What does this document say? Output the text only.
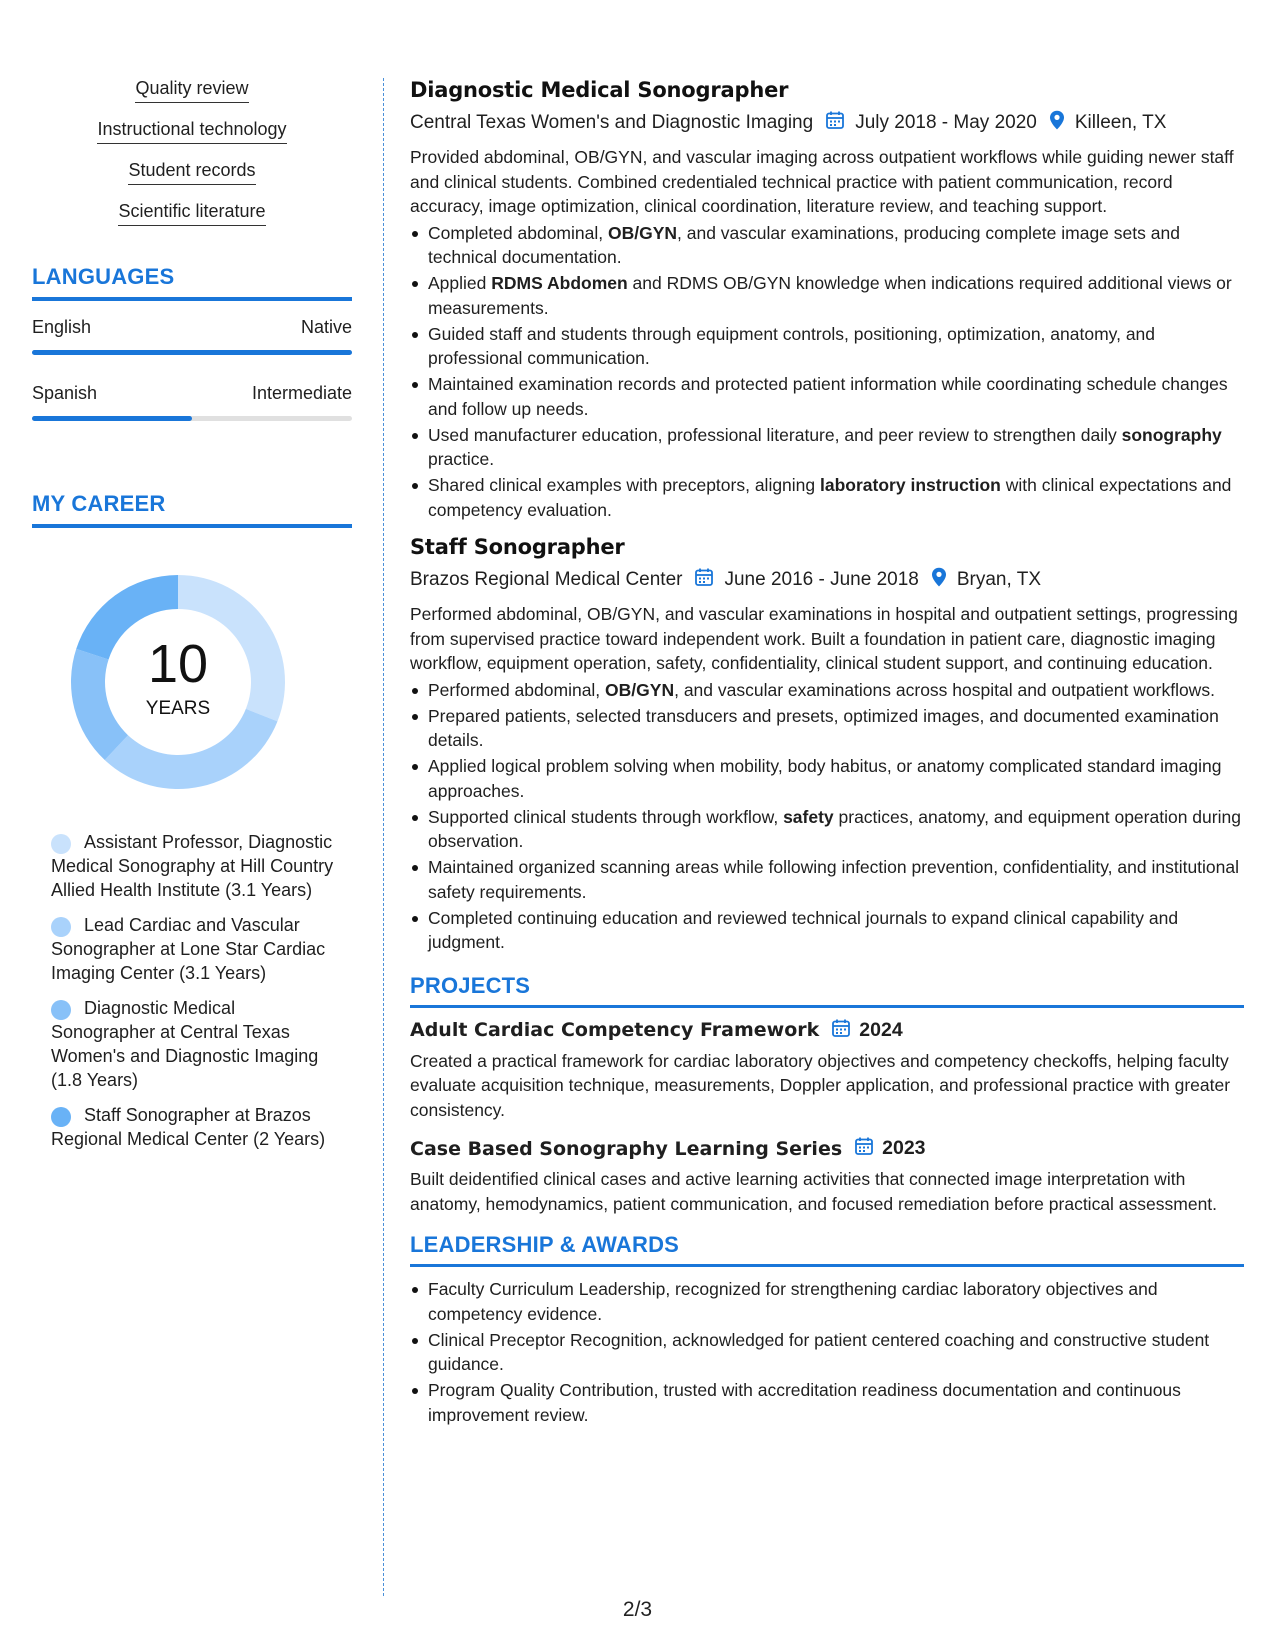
Quality review
Instructional technology
Student records
Scientific literature
LANGUAGES
English	Native
Spanish	Intermediate
MY CAREER
10
YEARS
Assistant Professor, Diagnostic Medical Sonography at Hill Country Allied Health Institute (3.1 Years)
Lead Cardiac and Vascular Sonographer at Lone Star Cardiac Imaging Center (3.1 Years)
Diagnostic Medical Sonographer at Central Texas Women's and Diagnostic Imaging (1.8 Years)
Staff Sonographer at Brazos Regional Medical Center (2 Years)
Diagnostic Medical Sonographer
Central Texas Women's and Diagnostic Imaging July 2018 - May 2020 Killeen, TX

Provided abdominal, OB/GYN, and vascular imaging across outpatient workflows while guiding newer staff and clinical students. Combined credentialed technical practice with patient communication, record accuracy, image optimization, clinical coordination, literature review, and teaching support.

Completed abdominal, OB/GYN, and vascular examinations, producing complete image sets and technical documentation.
Applied RDMS Abdomen and RDMS OB/GYN knowledge when indications required additional views or measurements.
Guided staff and students through equipment controls, positioning, optimization, anatomy, and professional communication.
Maintained examination records and protected patient information while coordinating schedule changes and follow up needs.
Used manufacturer education, professional literature, and peer review to strengthen daily sonography practice.
Shared clinical examples with preceptors, aligning laboratory instruction with clinical expectations and competency evaluation.
Staff Sonographer
Brazos Regional Medical Center June 2016 - June 2018 Bryan, TX

Performed abdominal, OB/GYN, and vascular examinations in hospital and outpatient settings, progressing from supervised practice toward independent work. Built a foundation in patient care, diagnostic imaging workflow, equipment operation, safety, confidentiality, clinical student support, and continuing education.

Performed abdominal, OB/GYN, and vascular examinations across hospital and outpatient workflows.
Prepared patients, selected transducers and presets, optimized images, and documented examination details.
Applied logical problem solving when mobility, body habitus, or anatomy complicated standard imaging approaches.
Supported clinical students through workflow, safety practices, anatomy, and equipment operation during observation.
Maintained organized scanning areas while following infection prevention, confidentiality, and institutional safety requirements.
Completed continuing education and reviewed technical journals to expand clinical capability and judgment.
PROJECTS
Adult Cardiac Competency Framework 2024

Created a practical framework for cardiac laboratory objectives and competency checkoffs, helping faculty evaluate acquisition technique, measurements, Doppler application, and professional practice with greater consistency.

Case Based Sonography Learning Series 2023

Built deidentified clinical cases and active learning activities that connected image interpretation with anatomy, hemodynamics, patient communication, and focused remediation before practical assessment.

LEADERSHIP & AWARDS
Faculty Curriculum Leadership, recognized for strengthening cardiac laboratory objectives and competency evidence.
Clinical Preceptor Recognition, acknowledged for patient centered coaching and constructive student guidance.
Program Quality Contribution, trusted with accreditation readiness documentation and continuous improvement review.
2/3
